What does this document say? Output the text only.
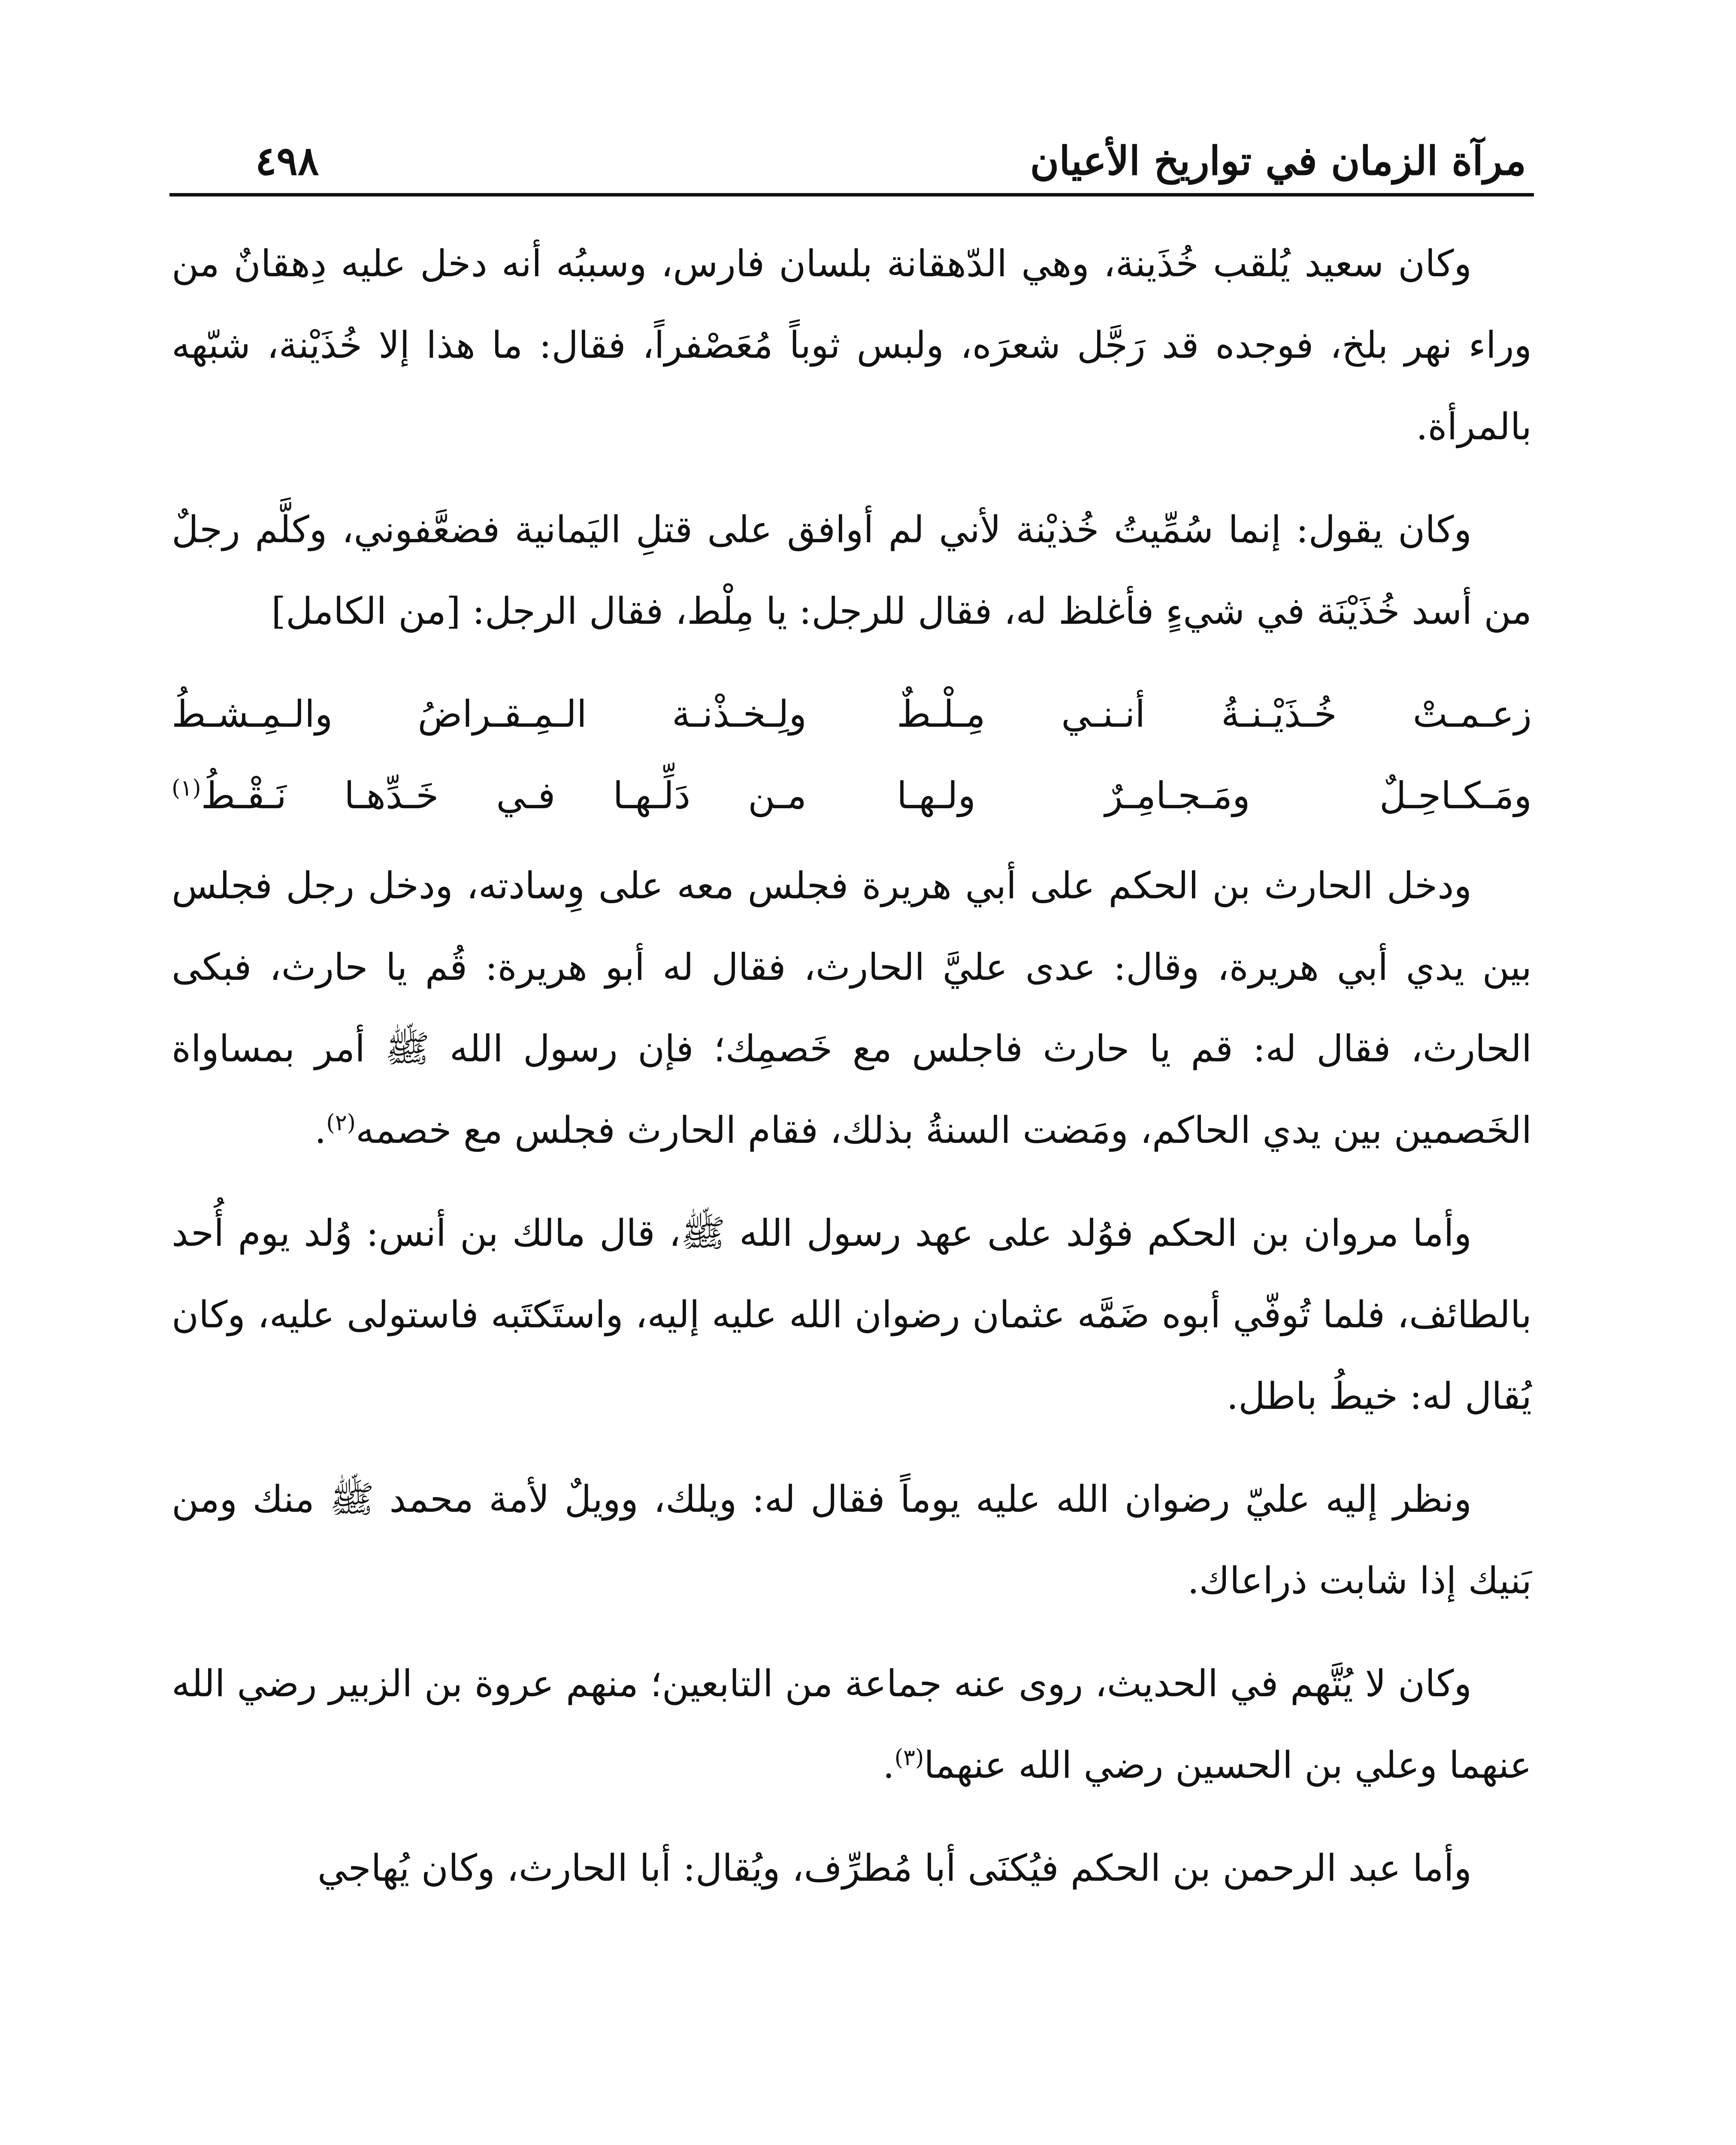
مرآة الزمان في تواريخ الأعيان
٤٩٨

وكان سعيد يُلقب خُذَينة، وهي الدّهقانة بلسان فارس، وسببُه أنه دخل عليه دِهقانٌ من وراء نهر بلخ، فوجده قد رَجَّل شعرَه، ولبس ثوباً مُعَصْفراً، فقال: ما هذا إلا خُذَيْنة، شبّهه بالمرأة.

وكان يقول: إنما سُمِّيتُ خُذيْنة لأني لم أوافق على قتلِ اليَمانية فضعَّفوني، وكلَّم رجلٌ من أسد خُذَيْنَة في شيءٍ فأغلظ له، فقال للرجل: يا مِلْط، فقال الرجل: [من الكامل]

زعـمـتْ خُـذَيْـنـةُ أنـنـي مِـلْـطٌ
ولِـخـذْنـة الـمِـقـراضُ والـمِـشـطُ
ومَـكـاحِـلٌ ومَـجـامِـرٌ ولـهـا
مـن دَلِّـهـا فـي خَـدِّهـا نَـقْـطُ$^{(١)}$

ودخل الحارث بن الحكم على أبي هريرة فجلس معه على وِسادته، ودخل رجل فجلس بين يدي أبي هريرة، وقال: عدى عليَّ الحارث، فقال له أبو هريرة: قُم يا حارث، فبكى الحارث، فقال له: قم يا حارث فاجلس مع خَصمِك؛ فإن رسول الله ﷺ أمر بمساواة الخَصمين بين يدي الحاكم، ومَضت السنةُ بذلك، فقام الحارث فجلس مع خصمه$^{(٢)}$.

وأما مروان بن الحكم فوُلد على عهد رسول الله ﷺ، قال مالك بن أنس: وُلد يوم أُحد بالطائف، فلما تُوفّي أبوه ضَمَّه عثمان رضوان الله عليه إليه، واستَكتَبه فاستولى عليه، وكان يُقال له: خيطُ باطل.

ونظر إليه عليّ رضوان الله عليه يوماً فقال له: ويلك، وويلٌ لأمة محمد ﷺ منك ومن بَنيك إذا شابت ذراعاك.

وكان لا يُتَّهم في الحديث، روى عنه جماعة من التابعين؛ منهم عروة بن الزبير رضي الله عنهما وعلي بن الحسين رضي الله عنهما$^{(٣)}$.

وأما عبد الرحمن بن الحكم فيُكنَى أبا مُطرِّف، ويُقال: أبا الحارث، وكان يُهاجي
